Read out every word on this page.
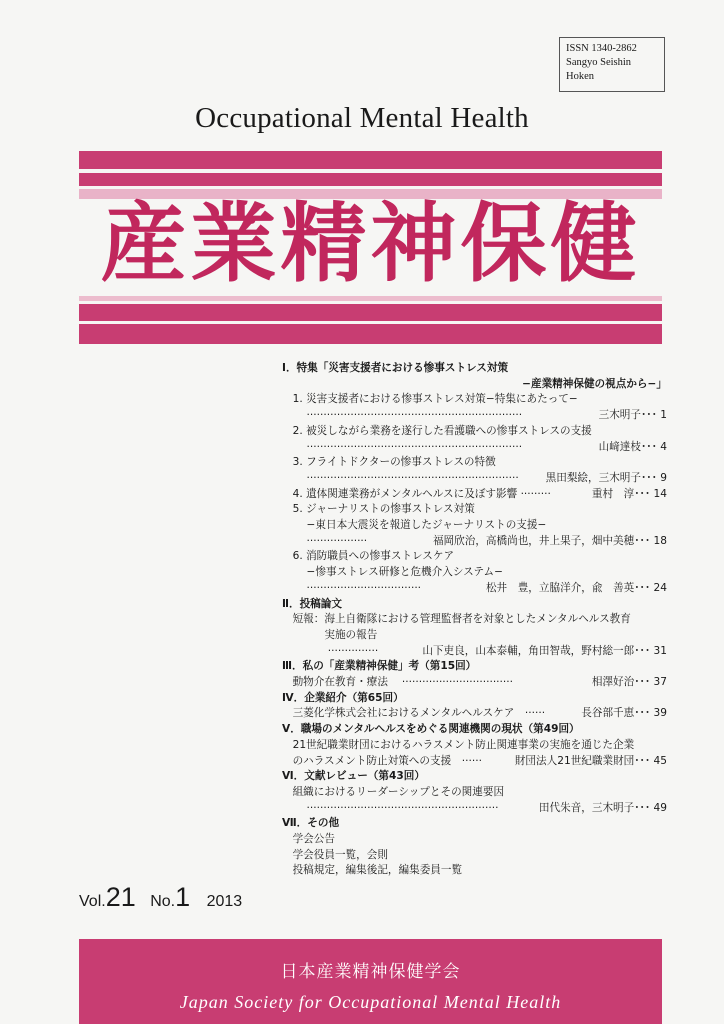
ISSN 1340-2862
Sangyo Seishin
Hoken
Occupational Mental Health
産業精神保健
Ⅰ．特集「災害支援者における惨事ストレス対策
−産業精神保健の視点から−」
　1. 災害支援者における惨事ストレス対策−特集にあたって−
　　 ································································	三木明子･･･ 1
　2. 被災しながら業務を遂行した看護職への惨事ストレスの支援
　　 ································································	山﨑達枝･･･ 4
　3. フライトドクターの惨事ストレスの特徴
　　 ·······························································	黒田梨絵，三木明子･･･ 9
　4. 遺体関連業務がメンタルヘルスに及ぼす影響 ·········	重村　淳･･･ 14
　5. ジャーナリストの惨事ストレス対策
　　 −東日本大震災を報道したジャーナリストの支援−
　　 ··················	福岡欣治，高橋尚也，井上果子，畑中美穂･･･ 18
　6. 消防職員への惨事ストレスケア
　　 −惨事ストレス研修と危機介入システム−
　　 ··································	松井　豊，立脇洋介，兪　善英･･･ 24
Ⅱ．投稿論文
　短報：海上自衛隊における管理監督者を対象としたメンタルヘルス教育
　　　　実施の報告
　　　　 ···············	山下吏良，山本泰輔，角田智哉，野村総一郎･･･ 31
Ⅲ．私の「産業精神保健」考（第15回）
　動物介在教育・療法　 ·································	相澤好治･･･ 37
Ⅳ．企業紹介（第65回）
　三菱化学株式会社におけるメンタルヘルスケア　······	長谷部千恵･･･ 39
Ⅴ．職場のメンタルヘルスをめぐる関連機関の現状（第49回）
　21世紀職業財団におけるハラスメント防止関連事業の実施を通じた企業
　のハラスメント防止対策への支援　······	財団法人21世紀職業財団･･･ 45
Ⅵ．文献レビュー（第43回）
　組織におけるリーダーシップとその関連要因
　　 ·························································	田代朱音，三木明子･･･ 49
Ⅶ．その他
　学会公告
　学会役員一覧，会則
　投稿規定，編集後記，編集委員一覧
Vol.21 No.1 2013
日本産業精神保健学会
Japan Society for Occupational Mental Health
